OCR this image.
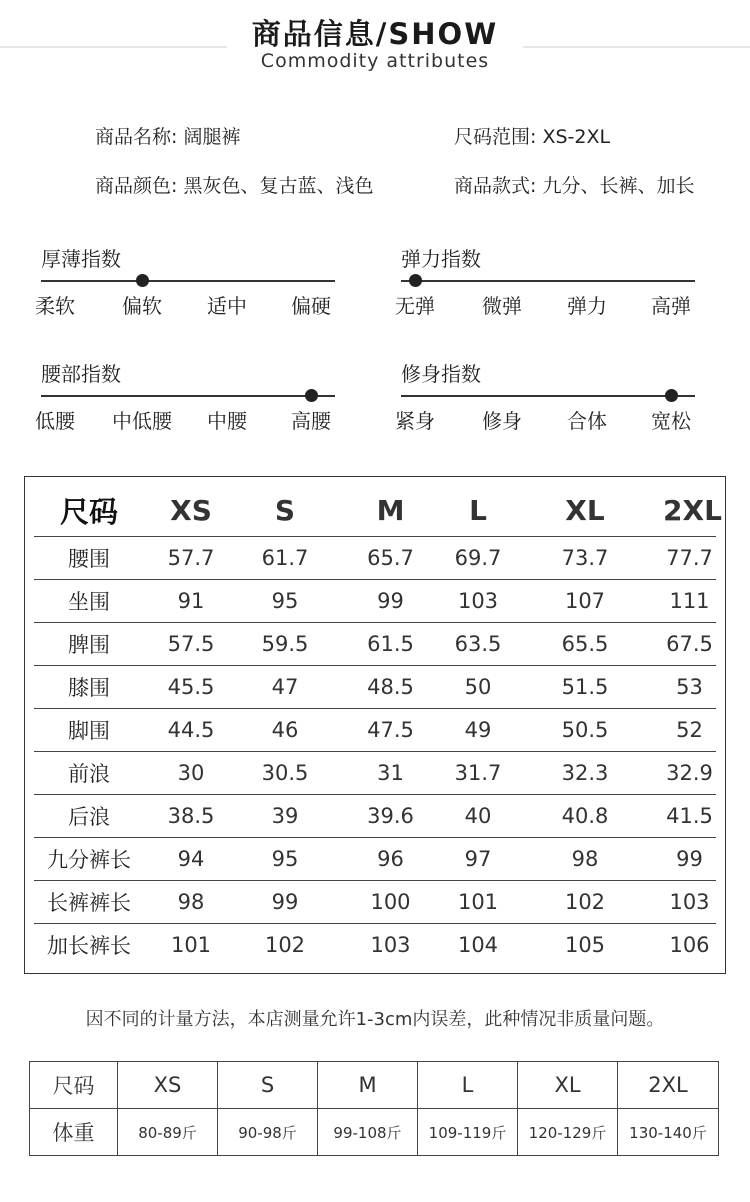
商品信息/SHOW
Commodity attributes
商品名称: 阔腿裤	尺码范围: XS-2XL
商品颜色: 黑灰色、复古蓝、浅色	商品款式: 九分、长裤、加长
厚薄指数
柔软 偏软 适中 偏硬
弹力指数
无弹 微弹 弹力 高弹
腰部指数
低腰 中低腰 中腰 高腰
修身指数
紧身 修身 合体 宽松
尺码	XS	S	M	L	XL	2XL
腰围	57.7	61.7	65.7	69.7	73.7	77.7
坐围	91	95	99	103	107	111
脾围	57.5	59.5	61.5	63.5	65.5	67.5
膝围	45.5	47	48.5	50	51.5	53
脚围	44.5	46	47.5	49	50.5	52
前浪	30	30.5	31	31.7	32.3	32.9
后浪	38.5	39	39.6	40	40.8	41.5
九分裤长	94	95	96	97	98	99
长裤裤长	98	99	100	101	102	103
加长裤长	101	102	103	104	105	106
因不同的计量方法，本店测量允许1-3cm内误差，此种情况非质量问题。
尺码	XS	S	M	L	XL	2XL
体重	80-89斤	90-98斤	99-108斤	109-119斤	120-129斤	130-140斤
